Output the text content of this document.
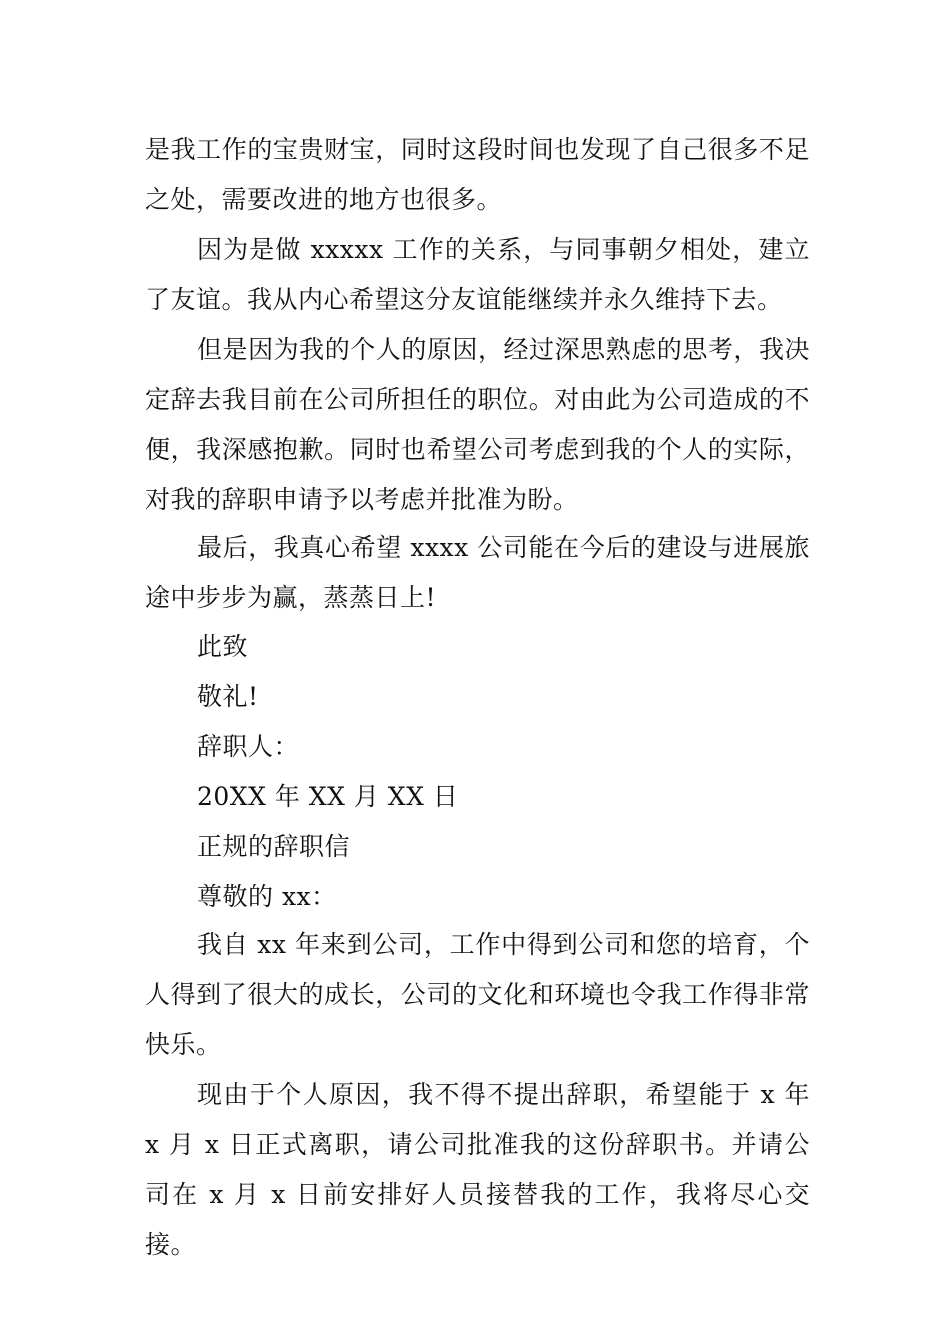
是我工作的宝贵财宝，同时这段时间也发现了自己很多不足之处，需要改进的地方也很多。

因为是做 xxxxx 工作的关系，与同事朝夕相处，建立了友谊。我从内心希望这分友谊能继续并永久维持下去。

但是因为我的个人的原因，经过深思熟虑的思考，我决定辞去我目前在公司所担任的职位。对由此为公司造成的不便，我深感抱歉。同时也希望公司考虑到我的个人的实际，对我的辞职申请予以考虑并批准为盼。

最后，我真心希望 xxxx 公司能在今后的建设与进展旅途中步步为赢，蒸蒸日上!

此致

敬礼!

辞职人：

20XX 年 XX 月 XX 日

正规的辞职信

尊敬的 xx：

我自 xx 年来到公司，工作中得到公司和您的培育，个人得到了很大的成长，公司的文化和环境也令我工作得非常快乐。

现由于个人原因，我不得不提出辞职，希望能于 x 年 x 月 x 日正式离职，请公司批准我的这份辞职书。并请公司在 x 月 x 日前安排好人员接替我的工作，我将尽心交接。
